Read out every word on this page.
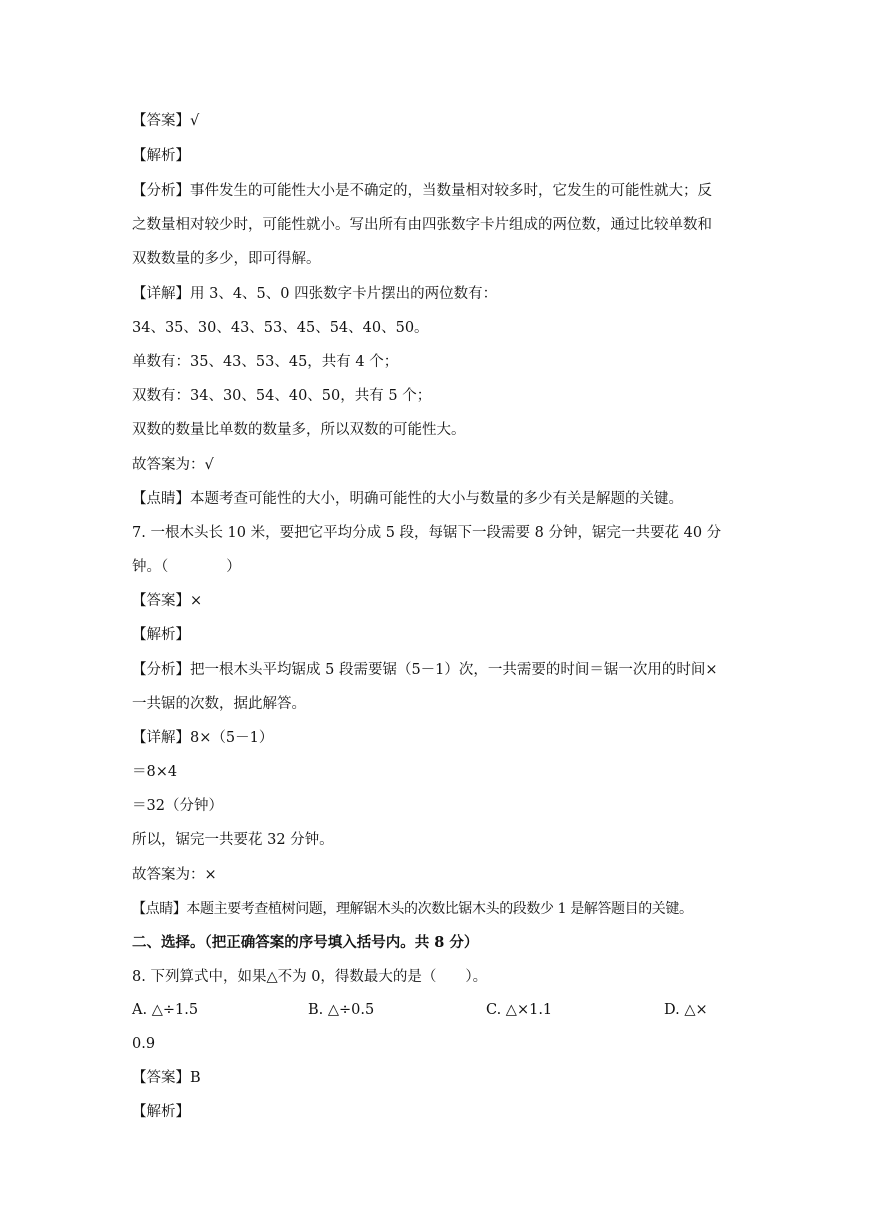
【答案】√
【解析】
【分析】事件发生的可能性大小是不确定的，当数量相对较多时，它发生的可能性就大；反
之数量相对较少时，可能性就小。写出所有由四张数字卡片组成的两位数，通过比较单数和
双数数量的多少，即可得解。
【详解】用 3、4、5、0 四张数字卡片摆出的两位数有：
34、35、30、43、53、45、54、40、50。
单数有：35、43、53、45，共有 4 个；
双数有：34、30、54、40、50，共有 5 个；
双数的数量比单数的数量多，所以双数的可能性大。
故答案为：√
【点睛】本题考查可能性的大小，明确可能性的大小与数量的多少有关是解题的关键。
7. 一根木头长 10 米，要把它平均分成 5 段，每锯下一段需要 8 分钟，锯完一共要花 40 分
钟。（　　　　）
【答案】×
【解析】
【分析】把一根木头平均锯成 5 段需要锯（5－1）次，一共需要的时间＝锯一次用的时间×
一共锯的次数，据此解答。
【详解】8×（5－1）
＝8×4
＝32（分钟）
所以，锯完一共要花 32 分钟。
故答案为：×
【点睛】本题主要考查植树问题，理解锯木头的次数比锯木头的段数少 1 是解答题目的关键。
二、选择。（把正确答案的序号填入括号内。共 8 分）
8. 下列算式中，如果△不为 0，得数最大的是（　　）。
A. △÷1.5	B. △÷0.5	C. △×1.1	D. △×
0.9
【答案】B
【解析】
